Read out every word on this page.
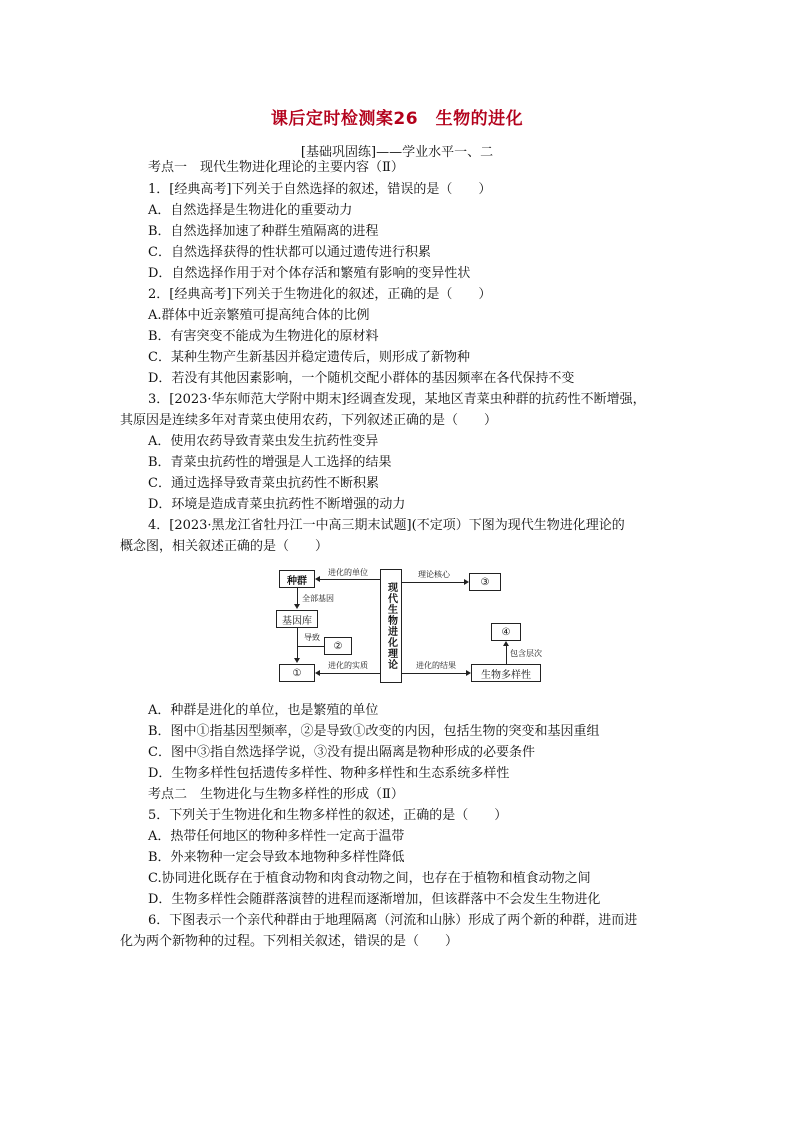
课后定时检测案26　生物的进化
[基础巩固练]——学业水平一、二
考点一　现代生物进化理论的主要内容（Ⅱ）
1．[经典高考]下列关于自然选择的叙述，错误的是（　　）
A．自然选择是生物进化的重要动力
B．自然选择加速了种群生殖隔离的进程
C．自然选择获得的性状都可以通过遗传进行积累
D．自然选择作用于对个体存活和繁殖有影响的变异性状
2．[经典高考]下列关于生物进化的叙述，正确的是（　　）
A.群体中近亲繁殖可提高纯合体的比例
B．有害突变不能成为生物进化的原材料
C．某种生物产生新基因并稳定遗传后，则形成了新物种
D．若没有其他因素影响，一个随机交配小群体的基因频率在各代保持不变
3．[2023·华东师范大学附中期末]经调查发现，某地区青菜虫种群的抗药性不断增强，
其原因是连续多年对青菜虫使用农药，下列叙述正确的是（　　）
A．使用农药导致青菜虫发生抗药性变异
B．青菜虫抗药性的增强是人工选择的结果
C．通过选择导致青菜虫抗药性不断积累
D．环境是造成青菜虫抗药性不断增强的动力
4．[2023·黑龙江省牡丹江一中高三期末试题](不定项）下图为现代生物进化理论的
概念图，相关叙述正确的是（　　）
种群
基因库
②
①
现代生物进化理论	③
④
生物多样性
进化的单位
全部基因
导致
进化的实质
理论核心
进化的结果
包含层次
A．种群是进化的单位，也是繁殖的单位
B．图中①指基因型频率，②是导致①改变的内因，包括生物的突变和基因重组
C．图中③指自然选择学说，③没有提出隔离是物种形成的必要条件
D．生物多样性包括遗传多样性、物种多样性和生态系统多样性
考点二　生物进化与生物多样性的形成（Ⅱ）
5．下列关于生物进化和生物多样性的叙述，正确的是（　　）
A．热带任何地区的物种多样性一定高于温带
B．外来物种一定会导致本地物种多样性降低
C.协同进化既存在于植食动物和肉食动物之间，也存在于植物和植食动物之间
D．生物多样性会随群落演替的进程而逐渐增加，但该群落中不会发生生物进化
6．下图表示一个亲代种群由于地理隔离（河流和山脉）形成了两个新的种群，进而进
化为两个新物种的过程。下列相关叙述，错误的是（　　）
